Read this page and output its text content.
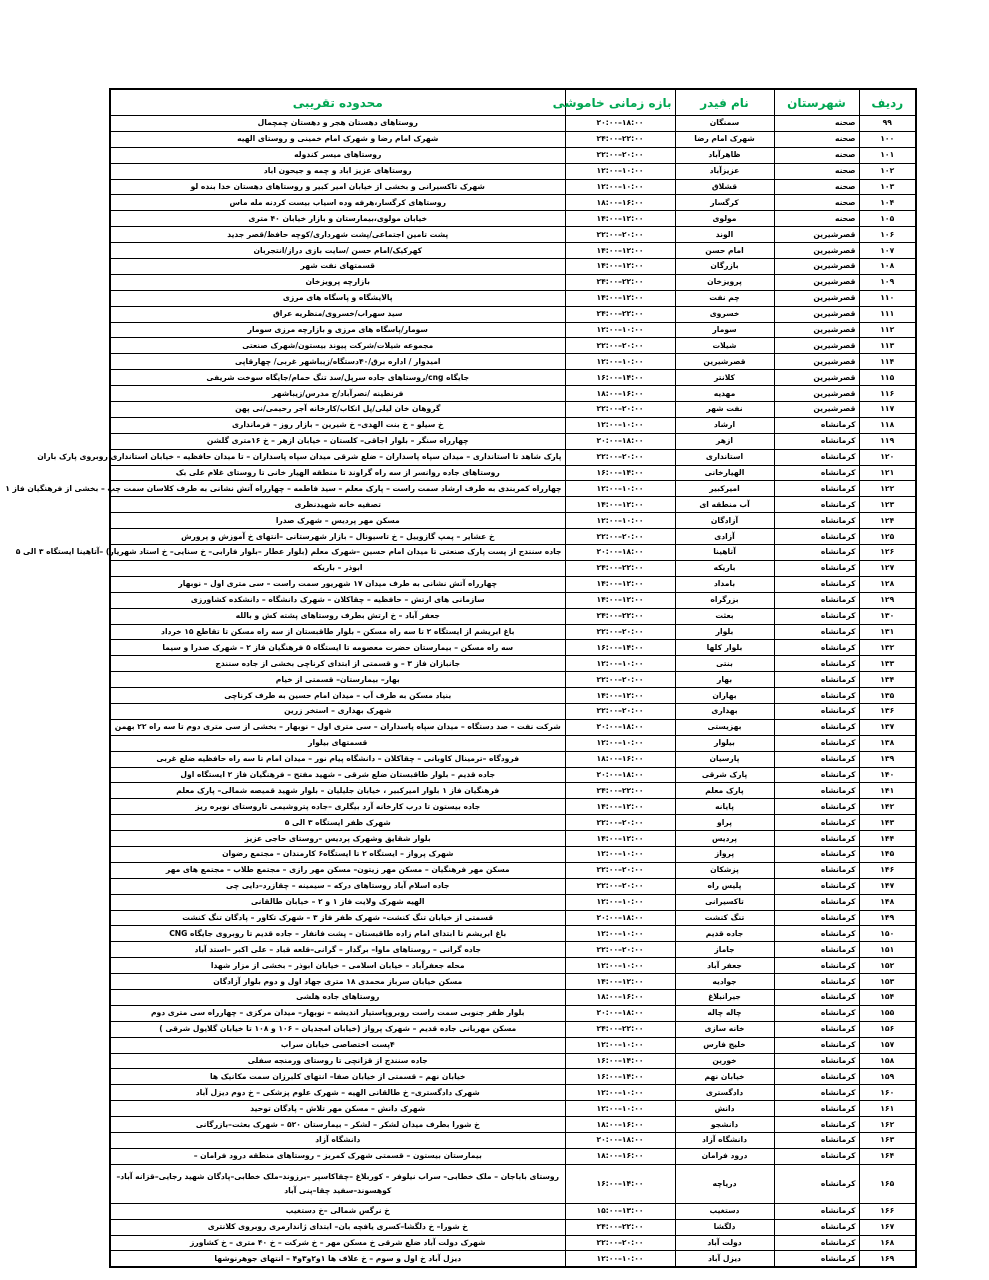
ردیف	شهرستان	نام فیدر	بازه زمانی خاموشی	محدوده تقریبی
۹۹	صحنه	سمنگان	۱۸:۰۰–۲۰:۰۰	روستاهای دهستان هجر و دهستان چمچمال
۱۰۰	صحنه	شهرک امام رضا	۲۲:۰۰–۲۴:۰۰	شهرک امام رضا و شهرک امام خمینی و روستای الهیه
۱۰۱	صحنه	ظاهرآباد	۲۰:۰۰–۲۲:۰۰	روستاهای میسر کندوله
۱۰۲	صحنه	عزیزآباد	۱۰:۰۰–۱۲:۰۰	روستاهای عزیز اباد و چمه و جیحون اباد
۱۰۳	صحنه	قشلاق	۱۰:۰۰–۱۲:۰۰	شهرک تاکسیرانی و بخشی از خیابان امیر کبیر و روستاهای دهستان خدا بنده لو
۱۰۴	صحنه	کرگسار	۱۶:۰۰–۱۸:۰۰	روستاهای کرگسار،هرفه وده اسیاب بیست کردنه مله ماس
۱۰۵	صحنه	مولوی	۱۲:۰۰–۱۴:۰۰	خیابان مولوی،بیمارستان و بازار خیابان ۴۰ متری
۱۰۶	قصرشیرین	الوند	۲۰:۰۰–۲۲:۰۰	پشت تامین اجتماعی/پشت شهرداری/کوچه حافظ/قصر جدید
۱۰۷	قصرشیرین	امام حسن	۱۲:۰۰–۱۴:۰۰	کهرکیک/امام حسن /سایت بازی دراز/انتجربان
۱۰۸	قصرشیرین	بازرگان	۱۲:۰۰–۱۴:۰۰	قسمتهای نفت شهر
۱۰۹	قصرشیرین	پرویزخان	۲۲:۰۰–۲۴:۰۰	بازارچه پرویزخان
۱۱۰	قصرشیرین	چم نفت	۱۲:۰۰–۱۴:۰۰	پالایشگاه و پاسگاه های مرزی
۱۱۱	قصرشیرین	خسروی	۲۲:۰۰–۲۴:۰۰	سید سهراب/خسروی/منظریه عراق
۱۱۲	قصرشیرین	سومار	۱۰:۰۰–۱۲:۰۰	سومار/پاسگاه های مرزی و بازارچه مرزی سومار
۱۱۳	قصرشیرین	شیلات	۲۰:۰۰–۲۲:۰۰	مجموعه شیلات/شرکت پیوند بیستون/شهرک صنعتی
۱۱۴	قصرشیرین	قصرشیرین	۱۰:۰۰–۱۲:۰۰	امیدوار / اداره برق/۴۰دستگاه/زیباشهر غربی/ چهارقاپی
۱۱۵	قصرشیرین	کلانتر	۱۴:۰۰–۱۶:۰۰	جایگاه cng/روستاهای جاده سرپل/سد تنگ حمام/جایگاه سوخت شریفی
۱۱۶	قصرشیرین	مهدیه	۱۶:۰۰–۱۸:۰۰	فرنطینه /نصرآباد/ج مدرس/زیباشهر
۱۱۷	قصرشیرین	نفت شهر	۲۰:۰۰–۲۲:۰۰	گروهان خان لیلی/پل انکاب/کارخانه آجر رحیمی/نی پهن
۱۱۸	کرمانشاه	ارشاد	۱۰:۰۰–۱۲:۰۰	خ سیلو – خ بنت الهدی– خ شیرین – بازار روز – فرمانداری
۱۱۹	کرمانشاه	ازهر	۱۸:۰۰–۲۰:۰۰	چهارراه سنگر – بلوار اجاقی– کلستان – خیابان ازهر – خ ۱۶متری گلشن
۱۲۰	کرمانشاه	استانداری	۲۰:۰۰–۲۲:۰۰	پارک شاهد تا استانداری – میدان سپاه پاسداران – ضلع شرقی میدان سپاه پاسداران – تا میدان حافظیه – خیابان استانداری روبروی پارک باران
۱۲۱	کرمانشاه	الهیارخانی	۱۴:۰۰–۱۶:۰۰	روستاهای جاده روانسر از سه راه گراوند تا منطقه الهیار خانی تا روستای غلام علی بک
۱۲۲	کرمانشاه	امیرکبیر	۱۰:۰۰–۱۲:۰۰	چهارراه کمربندی به طرف ارشاد سمت راست – پارک معلم – سید فاطمه – چهارراه آتش نشانی به طرف کلاسان سمت چپ – بخشی از فرهنگیان فاز ۱
۱۲۳	کرمانشاه	آب منطقه ای	۱۲:۰۰–۱۴:۰۰	تصفیه خانه شهیدنظری
۱۲۴	کرمانشاه	آزادگان	۱۰:۰۰–۱۲:۰۰	مسکن مهر پردیس – شهرک صدرا
۱۲۵	کرمانشاه	آزادی	۲۰:۰۰–۲۲:۰۰	خ عشایر – پمپ گازوییل – خ تاسیونال – بازار شهرستانی –انتهای خ آموزش و پرورش
۱۲۶	کرمانشاه	آتاهینا	۱۸:۰۰–۲۰:۰۰	جاده سنندج از پست پارک صنعتی تا میدان امام حسین –شهرک معلم (بلوار عطار –بلوار فارابی– خ سنایی– خ استاد شهریار) –آتاهینا ایستگاه ۳ الی ۵
۱۲۷	کرمانشاه	باریکه	۲۲:۰۰–۲۴:۰۰	ابوذر – باریکه
۱۲۸	کرمانشاه	بامداد	۱۲:۰۰–۱۴:۰۰	چهارراه آتش نشانی به طرف میدان ۱۷ شهریور سمت راست – سی متری اول – نوبهار
۱۲۹	کرمانشاه	بزرگراه	۱۲:۰۰–۱۴:۰۰	سازمانی های ارتش – حافظیه – چقاکلان – شهرک دانشگاه – دانشکده کشاورزی
۱۳۰	کرمانشاه	بعثت	۲۲:۰۰–۲۴:۰۰	جعفر آباد – خ ارتش بطرف روستاهای پشته کش و بالله
۱۳۱	کرمانشاه	بلوار	۲۰:۰۰–۲۲:۰۰	باغ ابریشم از ایستگاه ۲ تا سه راه مسکن – بلوار طاقبستان از سه راه مسکن تا تقاطع ۱۵ خرداد
۱۳۲	کرمانشاه	بلوار کلها	۱۴:۰۰–۱۶:۰۰	سه راه مسکن – بیمارستان حضرت معصومه تا ایستگاه ۵ فرهنگیان فاز ۲ – شهرک صدرا و سیما
۱۳۳	کرمانشاه	بنتی	۱۰:۰۰–۱۲:۰۰	جانبازان فاز ۳ – و قسمتی از ابتدای کرناچی بخشی از جاده سنندج
۱۳۴	کرمانشاه	بهار	۲۰:۰۰–۲۲:۰۰	بهار– بیمارستان– قسمتی از خیام
۱۳۵	کرمانشاه	بهاران	۱۲:۰۰–۱۴:۰۰	بنیاد مسکن به طرف آب – میدان امام حسین به طرف کرناچی
۱۳۶	کرمانشاه	بهداری	۲۰:۰۰–۲۲:۰۰	شهرک بهداری – استخر زرین
۱۳۷	کرمانشاه	بهزیستی	۱۸:۰۰–۲۰:۰۰	شرکت نفت – صد دستگاه – میدان سپاه پاسداران – سی متری اول – نوبهار – بخشی از سی متری دوم تا سه راه ۲۲ بهمن
۱۳۸	کرمانشاه	بیلوار	۱۰:۰۰–۱۲:۰۰	قسمتهای بیلوار
۱۳۹	کرمانشاه	پارسیان	۱۶:۰۰–۱۸:۰۰	فرودگاه –ترمینال کاوبانی – چقاکلان – دانشگاه پیام نور – میدان امام تا سه راه حافظیه ضلع غربی
۱۴۰	کرمانشاه	پارک شرقی	۱۸:۰۰–۲۰:۰۰	جاده قدیم – بلوار طاقبستان ضلع شرقی – شهید مفتح – فرهنگیان فاز ۲ ایستگاه اول
۱۴۱	کرمانشاه	پارک معلم	۲۲:۰۰–۲۴:۰۰	فرهنگیان فاز ۱ بلوار امیرکبیر ، خیابان جلیلیان – بلوار شهید قمیصه شمالی– پارک معلم
۱۴۲	کرمانشاه	پایانه	۱۲:۰۰–۱۴:۰۰	جاده بیستون تا درب کارخانه آرد بیگلری –جاده پتروشیمی تاروستای نوبره ریز
۱۴۳	کرمانشاه	پراو	۲۰:۰۰–۲۲:۰۰	شهرک ظفر ایستگاه ۳ الی ۵
۱۴۴	کرمانشاه	پردیس	۱۲:۰۰–۱۴:۰۰	بلوار شقایق وشهرک پردیس –روستای حاجی عزیز
۱۴۵	کرمانشاه	پرواز	۱۰:۰۰–۱۲:۰۰	شهرک پرواز – ایستگاه ۲ تا ایستگاه۶ کارمندان – مجتمع رضوان
۱۴۶	کرمانشاه	پزشکان	۲۰:۰۰–۲۲:۰۰	مسکن مهر فرهنگیان – مسکن مهر زیتون– مسکن مهر رازی – مجتمع طلاب – مجتمع های مهر
۱۴۷	کرمانشاه	پلیس راه	۲۰:۰۰–۲۲:۰۰	جاده اسلام آباد روستاهای درکه – سیمینه – چقازرد–دایی چی
۱۴۸	کرمانشاه	تاکسیرانی	۱۰:۰۰–۱۲:۰۰	الهیه شهرک ولایت فاز ۱ و ۲ – خیابان طالقانی
۱۴۹	کرمانشاه	تنگ کنشت	۱۸:۰۰–۲۰:۰۰	قسمتی از خیابان تنگ کنشت– شهرک ظفر فاز ۳ – شهرک تکاور – پادگان تنگ کنشت
۱۵۰	کرمانشاه	جاده قدیم	۱۰:۰۰–۱۲:۰۰	باغ ابریشم تا ابتدای امام زاده طاقبستان – پشت فانفار – جاده قدیم تا روبروی جایگاه CNG
۱۵۱	کرمانشاه	جاماز	۲۰:۰۰–۲۲:۰۰	جاده گرانی – روستاهای ماوا– برگدار – گرانی–قلعه قباد – علی اکبر –استد آباد
۱۵۲	کرمانشاه	جعفر آباد	۱۰:۰۰–۱۲:۰۰	محله جعفرآباد – خیابان اسلامی – خیابان ابوذر – بخشی از مزار شهدا
۱۵۳	کرمانشاه	جوادیه	۱۲:۰۰–۱۴:۰۰	مسکن خیابان سرباز محمدی ۱۸ متری جهاد اول و دوم بلوار آزادگان
۱۵۴	کرمانشاه	جیرانبلاغ	۱۶:۰۰–۱۸:۰۰	روستاهای جاده هلشی
۱۵۵	کرمانشاه	چاله چاله	۱۸:۰۰–۲۰:۰۰	بلوار ظفر جنوبی سمت راست روبروپاستیار اندیشه – نوبهار– میدان مرکزی – چهارراه سی متری دوم
۱۵۶	کرمانشاه	خانه سازی	۲۲:۰۰–۲۴:۰۰	مسکن مهربانی جاده قدیم – شهرک پرواز (خیابان امجدیان – ۱۰۶ و ۱۰۸ تا خیابان گلایول شرقی )
۱۵۷	کرمانشاه	خلیج فارس	۱۰:۰۰–۱۲:۰۰	۴پست اختصاصی خیابان سراب
۱۵۸	کرمانشاه	خورین	۱۴:۰۰–۱۶:۰۰	جاده سنندج از قزانچی تا روستای ورمنجه سفلی
۱۵۹	کرمانشاه	خیابان نهم	۱۴:۰۰–۱۶:۰۰	خیابان نهم – قسمتی از خیابان صفا– انتهای کلبرزان سمت مکانیک ها
۱۶۰	کرمانشاه	دادگستری	۱۰:۰۰–۱۲:۰۰	شهرک دادگستری– خ طالقانی الهیه – شهرک علوم پزشکی – خ دوم دیزل آباد
۱۶۱	کرمانشاه	دانش	۱۰:۰۰–۱۲:۰۰	شهرک دانش – مسکن مهر تلاش – پادگان توحید
۱۶۲	کرمانشاه	دانشجو	۱۶:۰۰–۱۸:۰۰	خ شورا بطرف میدان لشکر – لشکر – بیمارستان ۵۲۰ – شهرک بعثت–بازرگانی
۱۶۳	کرمانشاه	دانشگاه آزاد	۱۸:۰۰–۲۰:۰۰	دانشگاه آزاد
۱۶۴	کرمانشاه	درود فرامان	۱۶:۰۰–۱۸:۰۰	بیمارستان بیستون – قسمتی شهرک کمربز – روستاهای منطقه درود فرامان –
۱۶۵	کرمانشاه	دریاچه	۱۴:۰۰–۱۶:۰۰	روستای باباجان – ملک خطابی– سراب نیلوفر – کوربلاغ –چقاکاسپر –برزوند–ملک خطابی–پادگان شهید رجایی–قزانه آباد–کوهسوند–سفید چقا–پنی آباد
۱۶۶	کرمانشاه	دستغیب	۱۳:۰۰–۱۵:۰۰	خ نرگس شمالی –خ دستغیب
۱۶۷	کرمانشاه	دلگشا	۲۲:۰۰–۲۴:۰۰	خ شورا– خ دلگشا–کسری یافچه بان– ابتدای ژاندارمری روبروی کلانتری
۱۶۸	کرمانشاه	دولت آباد	۲۰:۰۰–۲۲:۰۰	شهرک دولت آباد ضلع شرقی خ مسکن مهر – خ شرکت – خ ۴۰ متری – خ کشاورز
۱۶۹	کرمانشاه	دیزل آباد	۱۰:۰۰–۱۲:۰۰	دیزل آباد خ اول و سوم – خ علاف ها ۱و۲و۳و۴ – انتهای جوهرنوشها
